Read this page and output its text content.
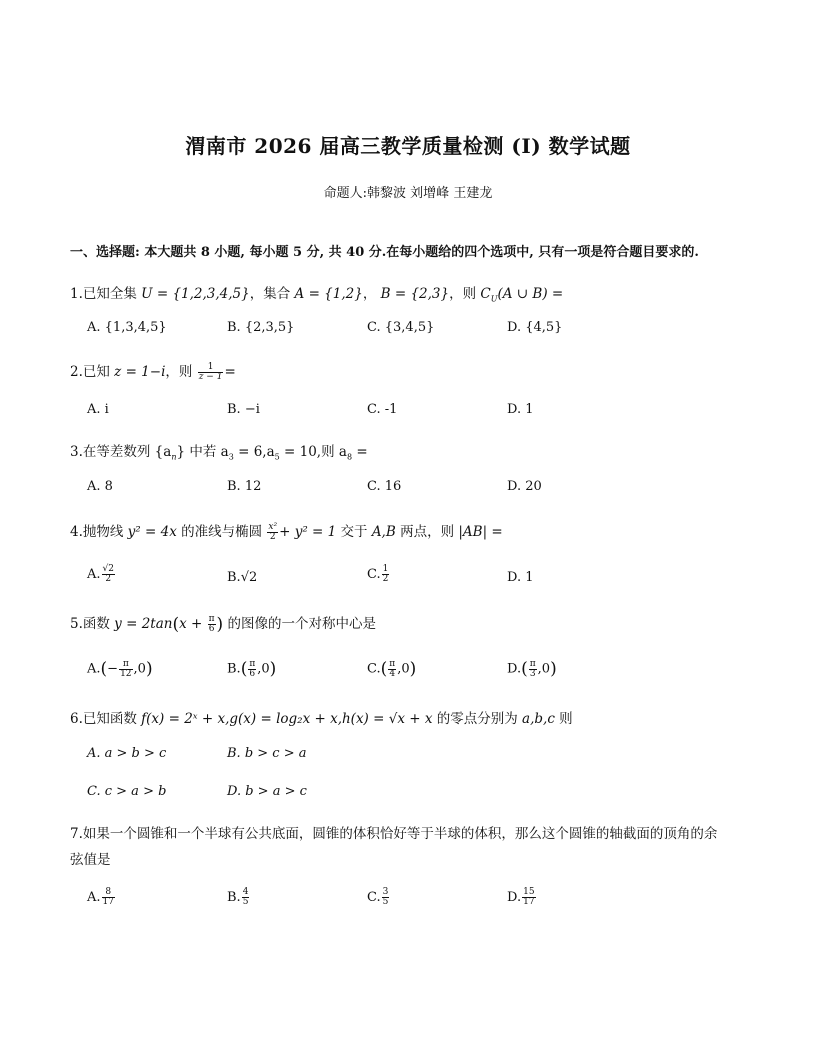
渭南市 2026 届高三教学质量检测 (Ⅰ) 数学试题
命题人:韩黎波 刘增峰 王建龙
一、选择题: 本大题共 8 小题, 每小题 5 分, 共 40 分.在每小题给的四个选项中, 只有一项是符合题目要求的.
1.已知全集 U = {1,2,3,4,5}，集合 A = {1,2}， B = {2,3}，则 $C_U(A$ ∪ B) =
A. {1,3,4,5}	B. {2,3,5}	C. {3,4,5}	D. {4,5}
2.已知 z = 1−i，则 $\frac{1}{z - 1}$ =
A. i	B. −i	C. -1	D. 1
3.在等差数列 $\{a_n\}$ 中若 $a_3 = 6,a_5 = 10$,则 $a_8$ =
A. 8	B. 12	C. 16	D. 20
4.抛物线 y² = 4x 的准线与椭圆 $\frac{\text{x²}}{2} + y^2 = 1$ 交于 A,B 两点，则 |AB| =
A. $\frac{√2}{2}$	B.√2	C. $\frac{1}{2}$	D. 1
5.函数 $y = 2\tan(x + \frac{\pi}{6}$ ) 的图像的一个对称中心是
$A.(- \frac{\pi}{12} ,0)$	$B.( \frac{\pi}{6} ,0)$	$C.( \frac{\pi}{4} ,0)$	$D.( \frac{\pi}{3} ,0)$
6.已知函数 f(x) = 2ˣ + x,g(x) = log₂x + x,h(x) = √x + x 的零点分别为 a,b,c 则
A. a > b > c	B. b > c > a
C. c > a > b	D. b > a > c
7.如果一个圆锥和一个半球有公共底面，圆锥的体积恰好等于半球的体积，那么这个圆锥的轴截面的顶角的余
弦值是
A. $\frac{8}{17}$	B. $\frac{4}{5}$	C. $\frac{3}{5}$	D. $\frac{15}{17}$
